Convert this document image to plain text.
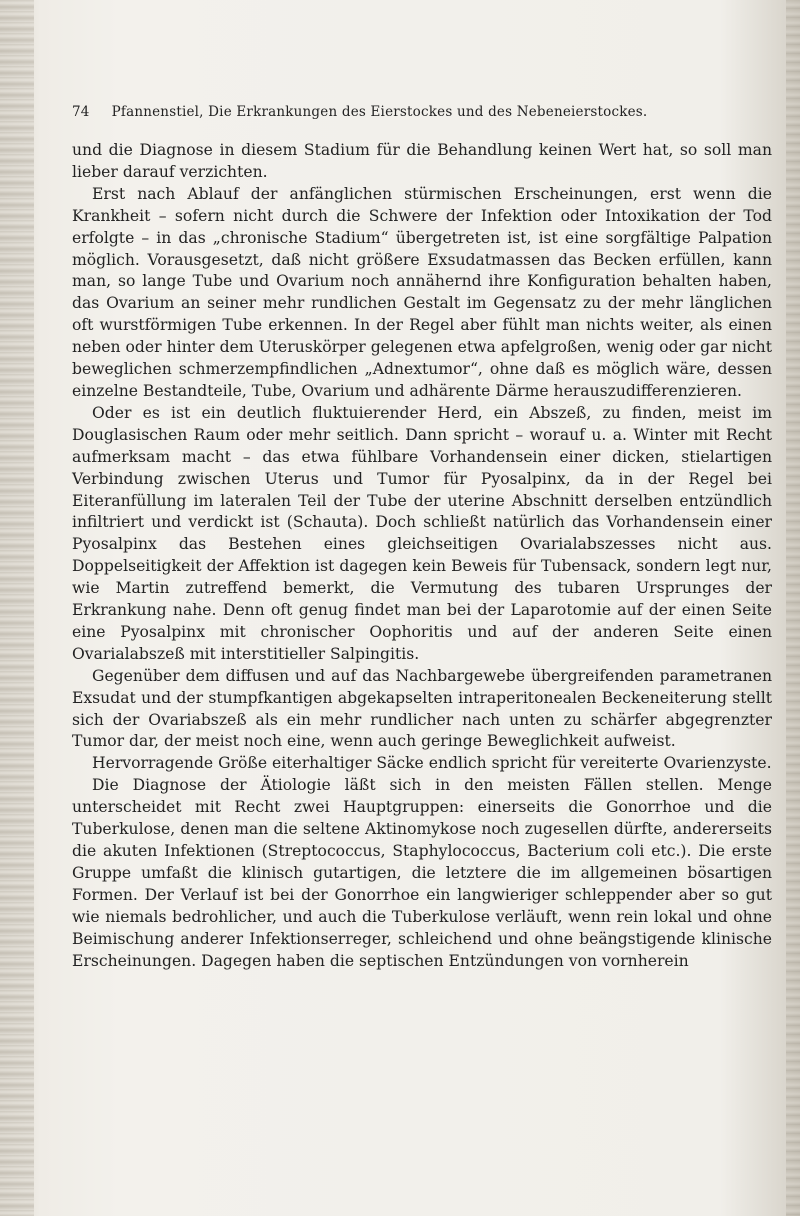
74 Pfannenstiel, Die Erkrankungen des Eierstockes und des Nebeneierstockes.

und die Diagnose in diesem Stadium für die Behandlung keinen Wert hat, so soll man lieber darauf verzichten.

Erst nach Ablauf der anfänglichen stürmischen Erscheinungen, erst wenn die Krankheit – sofern nicht durch die Schwere der Infektion oder Intoxikation der Tod erfolgte – in das „chronische Stadium“ übergetreten ist, ist eine sorgfältige Palpation möglich. Vorausgesetzt, daß nicht größere Exsudatmassen das Becken erfüllen, kann man, so lange Tube und Ovarium noch annähernd ihre Konfiguration behalten haben, das Ovarium an seiner mehr rundlichen Gestalt im Gegensatz zu der mehr länglichen oft wurstförmigen Tube erkennen. In der Regel aber fühlt man nichts weiter, als einen neben oder hinter dem Uteruskörper gelegenen etwa apfelgroßen, wenig oder gar nicht beweglichen schmerzempfindlichen „Adnextumor“, ohne daß es möglich wäre, dessen einzelne Bestandteile, Tube, Ovarium und adhärente Därme herauszudifferenzieren.

Oder es ist ein deutlich fluktuierender Herd, ein Abszeß, zu finden, meist im Douglasischen Raum oder mehr seitlich. Dann spricht – worauf u. a. Winter mit Recht aufmerksam macht – das etwa fühlbare Vorhandensein einer dicken, stielartigen Verbindung zwischen Uterus und Tumor für Pyosalpinx, da in der Regel bei Eiteranfüllung im lateralen Teil der Tube der uterine Abschnitt derselben entzündlich infiltriert und verdickt ist (Schauta). Doch schließt natürlich das Vorhandensein einer Pyosalpinx das Bestehen eines gleichseitigen Ovarialabszesses nicht aus. Doppelseitigkeit der Affektion ist dagegen kein Beweis für Tubensack, sondern legt nur, wie Martin zutreffend bemerkt, die Vermutung des tubaren Ursprunges der Erkrankung nahe. Denn oft genug findet man bei der Laparotomie auf der einen Seite eine Pyosalpinx mit chronischer Oophoritis und auf der anderen Seite einen Ovarialabszeß mit interstitieller Salpingitis.

Gegenüber dem diffusen und auf das Nachbargewebe übergreifenden parametranen Exsudat und der stumpfkantigen abgekapselten intraperitonealen Beckeneiterung stellt sich der Ovariabszeß als ein mehr rundlicher nach unten zu schärfer abgegrenzter Tumor dar, der meist noch eine, wenn auch geringe Beweglichkeit aufweist.

Hervorragende Größe eiterhaltiger Säcke endlich spricht für vereiterte Ovarienzyste.

Die Diagnose der Ätiologie läßt sich in den meisten Fällen stellen. Menge unterscheidet mit Recht zwei Hauptgruppen: einerseits die Gonorrhoe und die Tuberkulose, denen man die seltene Aktinomykose noch zugesellen dürfte, andererseits die akuten Infektionen (Streptococcus, Staphylococcus, Bacterium coli etc.). Die erste Gruppe umfaßt die klinisch gutartigen, die letztere die im allgemeinen bösartigen Formen. Der Verlauf ist bei der Gonorrhoe ein langwieriger schleppender aber so gut wie niemals bedrohlicher, und auch die Tuberkulose verläuft, wenn rein lokal und ohne Beimischung anderer Infektionserreger, schleichend und ohne beängstigende klinische Erscheinungen. Dagegen haben die septischen Entzündungen von vornherein
